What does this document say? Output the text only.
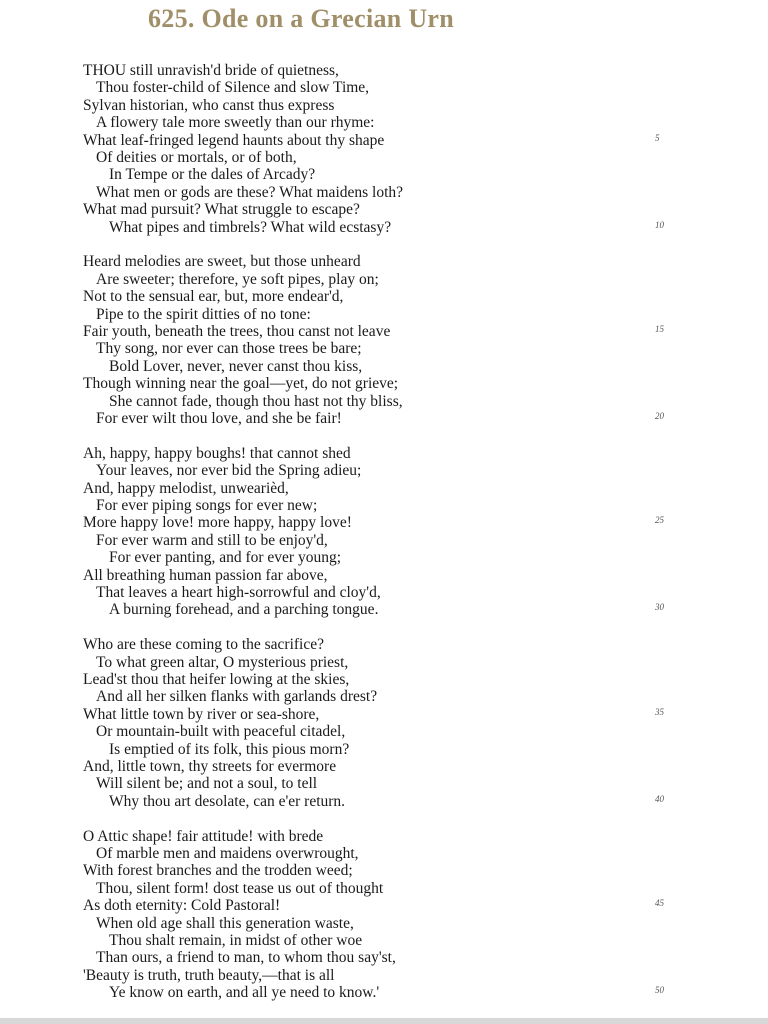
625. Ode on a Grecian Urn
THOU still unravish'd bride of quietness,
Thou foster-child of Silence and slow Time,
Sylvan historian, who canst thus express
A flowery tale more sweetly than our rhyme:
What leaf-fringed legend haunts about thy shape	5
Of deities or mortals, or of both,
In Tempe or the dales of Arcady?
What men or gods are these? What maidens loth?
What mad pursuit? What struggle to escape?
What pipes and timbrels? What wild ecstasy?	10
Heard melodies are sweet, but those unheard
Are sweeter; therefore, ye soft pipes, play on;
Not to the sensual ear, but, more endear'd,
Pipe to the spirit ditties of no tone:
Fair youth, beneath the trees, thou canst not leave	15
Thy song, nor ever can those trees be bare;
Bold Lover, never, never canst thou kiss,
Though winning near the goal—yet, do not grieve;
She cannot fade, though thou hast not thy bliss,
For ever wilt thou love, and she be fair!	20
Ah, happy, happy boughs! that cannot shed
Your leaves, nor ever bid the Spring adieu;
And, happy melodist, unwearièd,
For ever piping songs for ever new;
More happy love! more happy, happy love!	25
For ever warm and still to be enjoy'd,
For ever panting, and for ever young;
All breathing human passion far above,
That leaves a heart high-sorrowful and cloy'd,
A burning forehead, and a parching tongue.	30
Who are these coming to the sacrifice?
To what green altar, O mysterious priest,
Lead'st thou that heifer lowing at the skies,
And all her silken flanks with garlands drest?
What little town by river or sea-shore,	35
Or mountain-built with peaceful citadel,
Is emptied of its folk, this pious morn?
And, little town, thy streets for evermore
Will silent be; and not a soul, to tell
Why thou art desolate, can e'er return.	40
O Attic shape! fair attitude! with brede
Of marble men and maidens overwrought,
With forest branches and the trodden weed;
Thou, silent form! dost tease us out of thought
As doth eternity: Cold Pastoral!	45
When old age shall this generation waste,
Thou shalt remain, in midst of other woe
Than ours, a friend to man, to whom thou say'st,
'Beauty is truth, truth beauty,—that is all
Ye know on earth, and all ye need to know.'	50
